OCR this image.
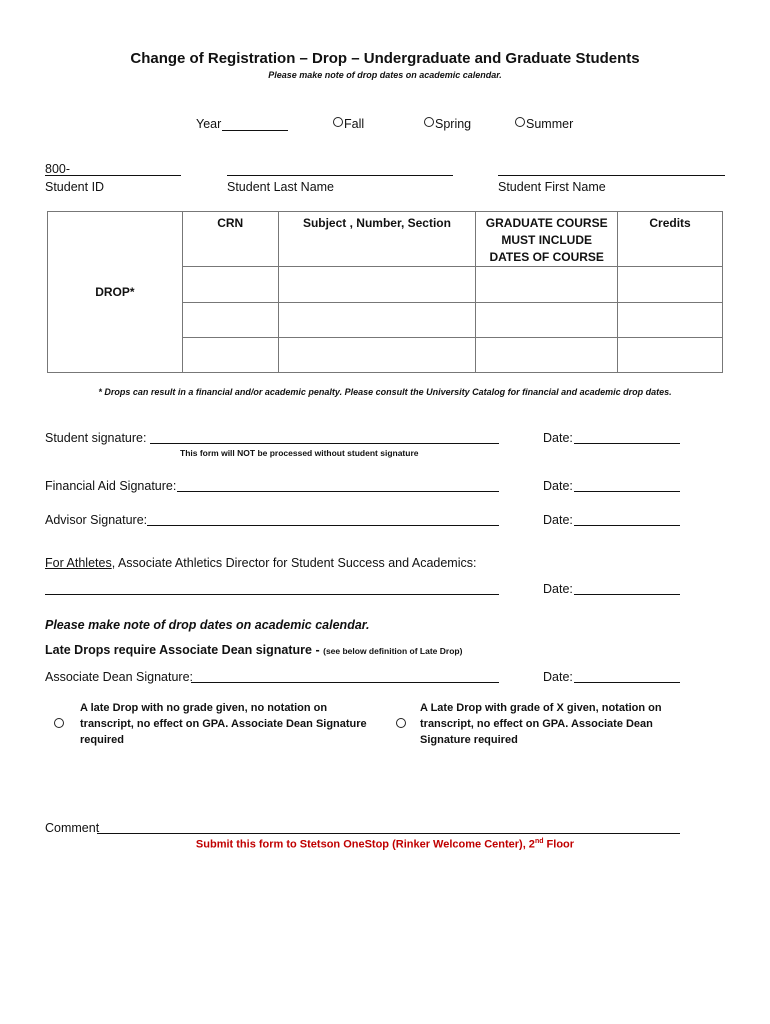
Change of Registration – Drop – Undergraduate and Graduate Students
Please make note of drop dates on academic calendar.
Year	Fall	Spring	Summer
800-
Student ID	Student Last Name	Student First Name
DROP*	CRN	Subject , Number, Section	GRADUATE COURSE
MUST INCLUDE
DATES OF COURSE	Credits

* Drops can result in a financial and/or academic penalty. Please consult the University Catalog for financial and academic drop dates.
Student signature:
This form will NOT be processed without student signature
Date:
Financial Aid Signature:	Date:
Advisor Signature:	Date:
For Athletes, Associate Athletics Director for Student Success and Academics:
Date:
Please make note of drop dates on academic calendar.
Late Drops require Associate Dean signature - (see below definition of Late Drop)
Associate Dean Signature:	Date:
A late Drop with no grade given, no notation on
transcript, no effect on GPA. Associate Dean Signature
required
A Late Drop with grade of X given, notation on
transcript, no effect on GPA. Associate Dean
Signature required
Comment
Submit this form to Stetson OneStop (Rinker Welcome Center), 2nd Floor
